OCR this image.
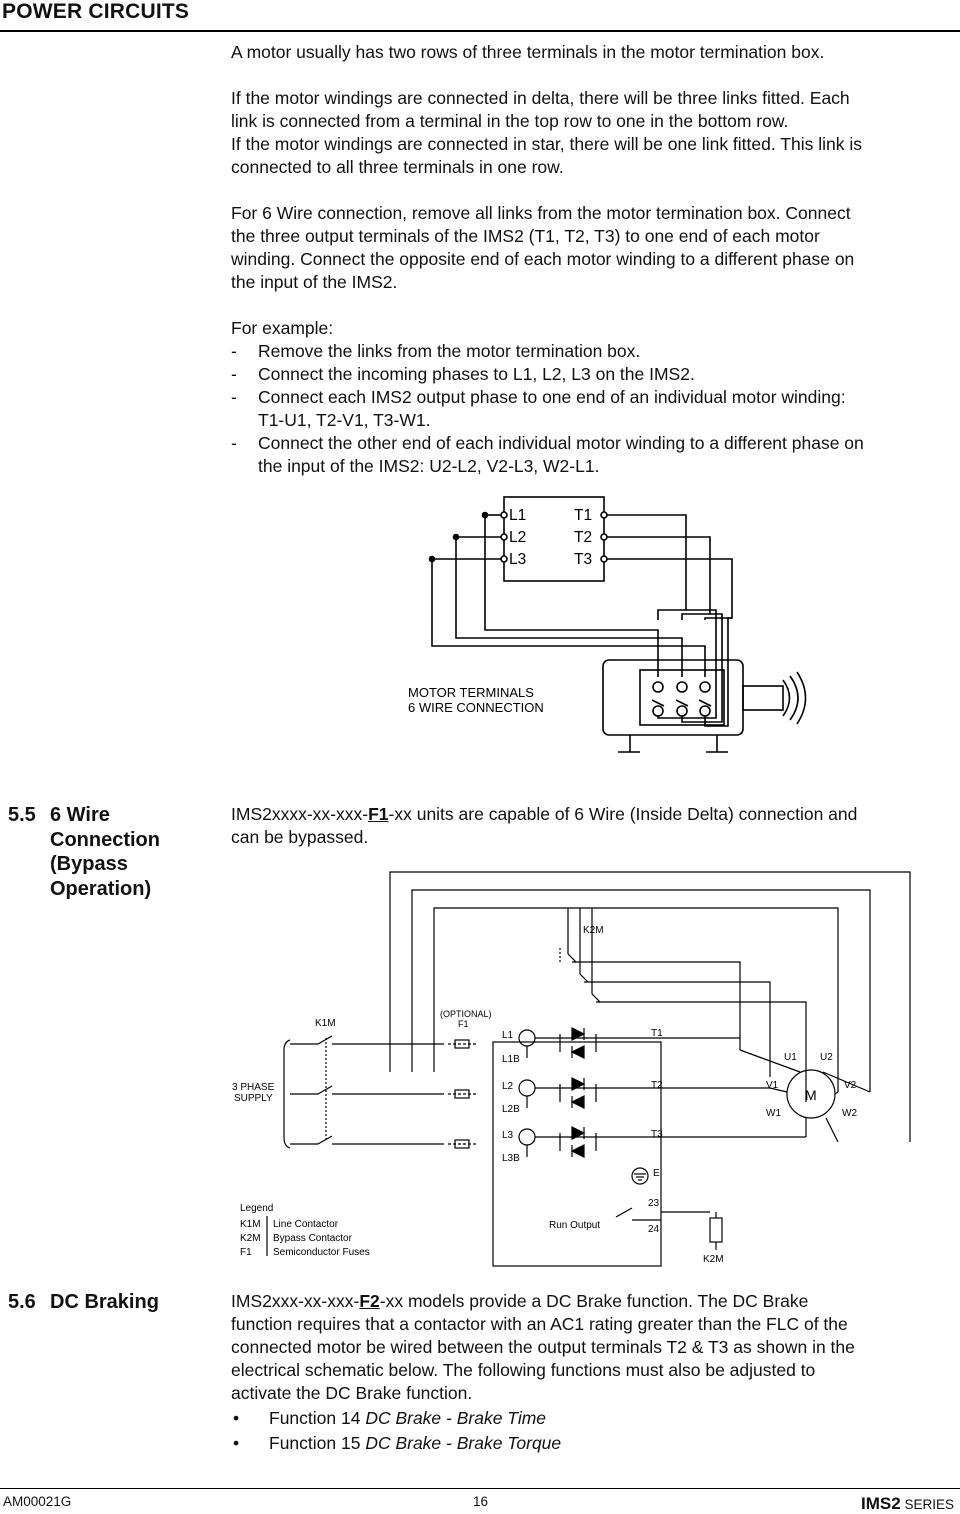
POWER CIRCUITS

A motor usually has two rows of three terminals in the motor termination box.

If the motor windings are connected in delta, there will be three links fitted. Each

link is connected from a terminal in the top row to one in the bottom row.

If the motor windings are connected in star, there will be one link fitted. This link is

connected to all three terminals in one row.

For 6 Wire connection, remove all links from the motor termination box. Connect

the three output terminals of the IMS2 (T1, T2, T3) to one end of each motor

winding. Connect the opposite end of each motor winding to a different phase on

the input of the IMS2.

For example:

-	Remove the links from the motor termination box.
-	Connect the incoming phases to L1, L2, L3 on the IMS2.
-	Connect each IMS2 output phase to one end of an individual motor winding:
T1-U1, T2-V1, T3-W1.
-	Connect the other end of each individual motor winding to a different phase on
the input of the IMS2: U2-L2, V2-L3, W2-L1.
L1
L2
L3
T1
T2
T3
MOTOR TERMINALS
6 WIRE CONNECTION
5.5 6 Wire
Connection
(Bypass
Operation)

IMS2xxxx-xx-xxx-F1-xx units are capable of 6 Wire (Inside Delta) connection and

can be bypassed.

K2M
K1M
3 PHASE
SUPPLY
(OPTIONAL)
F1
L1
L2
L3
L1B
L2B
L3B
T1
T2
T3
E
M
U1 U2
V1	V2
W1	W2
Run Output
23
24
K2M
Legend
K1M Line Contactor
K2M Bypass Contactor
F1 Semiconductor Fuses
5.6 DC Braking	IMS2xxx-xx-xxx-F2-xx models provide a DC Brake function. The DC Brake

function requires that a contactor with an AC1 rating greater than the FLC of the

connected motor be wired between the output terminals T2 & T3 as shown in the

electrical schematic below. The following functions must also be adjusted to

activate the DC Brake function.

•	Function 14 DC Brake - Brake Time
•	Function 15 DC Brake - Brake Torque
AM00021G	16	IMS2 SERIES
